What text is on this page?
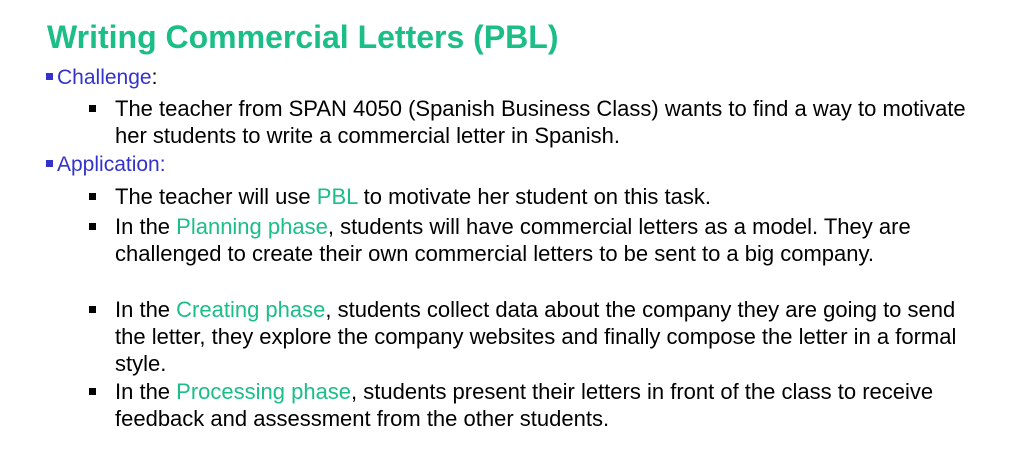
Writing Commercial Letters (PBL)
Challenge:
The teacher from SPAN 4050 (Spanish Business Class) wants to find a way to motivate her students to write a commercial letter in Spanish.
Application:
The teacher will use PBL to motivate her student on this task.
In the Planning phase, students will have commercial letters as a model. They are challenged to create their own commercial letters to be sent to a big company.
In the Creating phase, students collect data about the company they are going to send the letter, they explore the company websites and finally compose the letter in a formal style.
In the Processing phase, students present their letters in front of the class to receive feedback and assessment from the other students.
